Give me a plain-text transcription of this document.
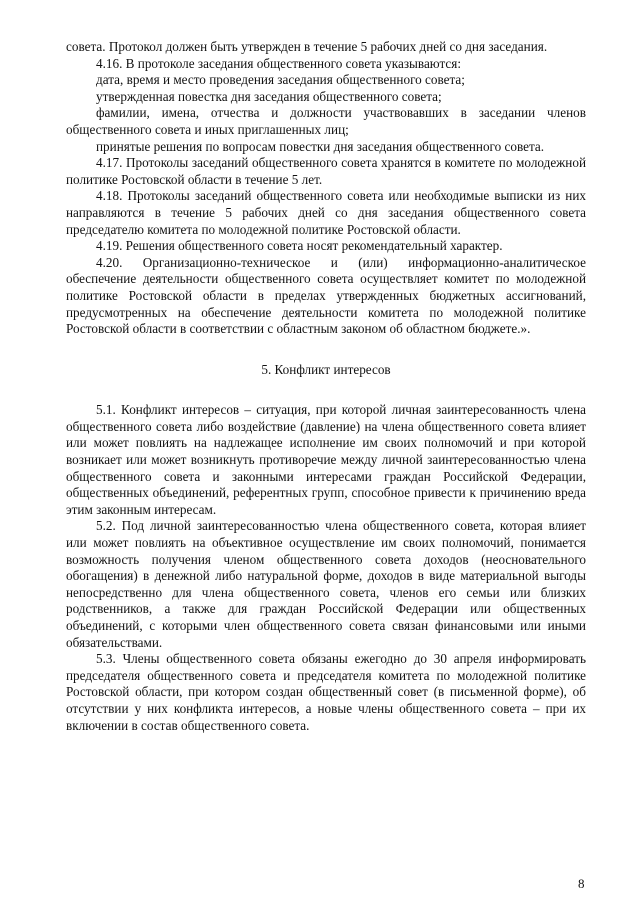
совета. Протокол должен быть утвержден в течение 5 рабочих дней со дня заседания.

4.16. В протоколе заседания общественного совета указываются:

дата, время и место проведения заседания общественного совета;

утвержденная повестка дня заседания общественного совета;

фамилии, имена, отчества и должности участвовавших в заседании членов общественного совета и иных приглашенных лиц;

принятые решения по вопросам повестки дня заседания общественного совета.

4.17. Протоколы заседаний общественного совета хранятся в комитете по молодежной политике Ростовской области в течение 5 лет.

4.18. Протоколы заседаний общественного совета или необходимые выписки из них направляются в течение 5 рабочих дней со дня заседания общественного совета председателю комитета по молодежной политике Ростовской области.

4.19. Решения общественного совета носят рекомендательный характер.

4.20. Организационно-техническое и (или) информационно-аналитическое обеспечение деятельности общественного совета осуществляет комитет по молодежной политике Ростовской области в пределах утвержденных бюджетных ассигнований, предусмотренных на обеспечение деятельности комитета по молодежной политике Ростовской области в соответствии с областным законом об областном бюджете.».

5. Конфликт интересов

5.1. Конфликт интересов – ситуация, при которой личная заинтересованность члена общественного совета либо воздействие (давление) на члена общественного совета влияет или может повлиять на надлежащее исполнение им своих полномочий и при которой возникает или может возникнуть противоречие между личной заинтересованностью члена общественного совета и законными интересами граждан Российской Федерации, общественных объединений, референтных групп, способное привести к причинению вреда этим законным интересам.

5.2. Под личной заинтересованностью члена общественного совета, которая влияет или может повлиять на объективное осуществление им своих полномочий, понимается возможность получения членом общественного совета доходов (неосновательного обогащения) в денежной либо натуральной форме, доходов в виде материальной выгоды непосредственно для члена общественного совета, членов его семьи или близких родственников, а также для граждан Российской Федерации или общественных объединений, с которыми член общественного совета связан финансовыми или иными обязательствами.

5.3. Члены общественного совета обязаны ежегодно до 30 апреля информировать председателя общественного совета и председателя комитета по молодежной политике Ростовской области, при котором создан общественный совет (в письменной форме), об отсутствии у них конфликта интересов, а новые члены общественного совета – при их включении в состав общественного совета.

8
